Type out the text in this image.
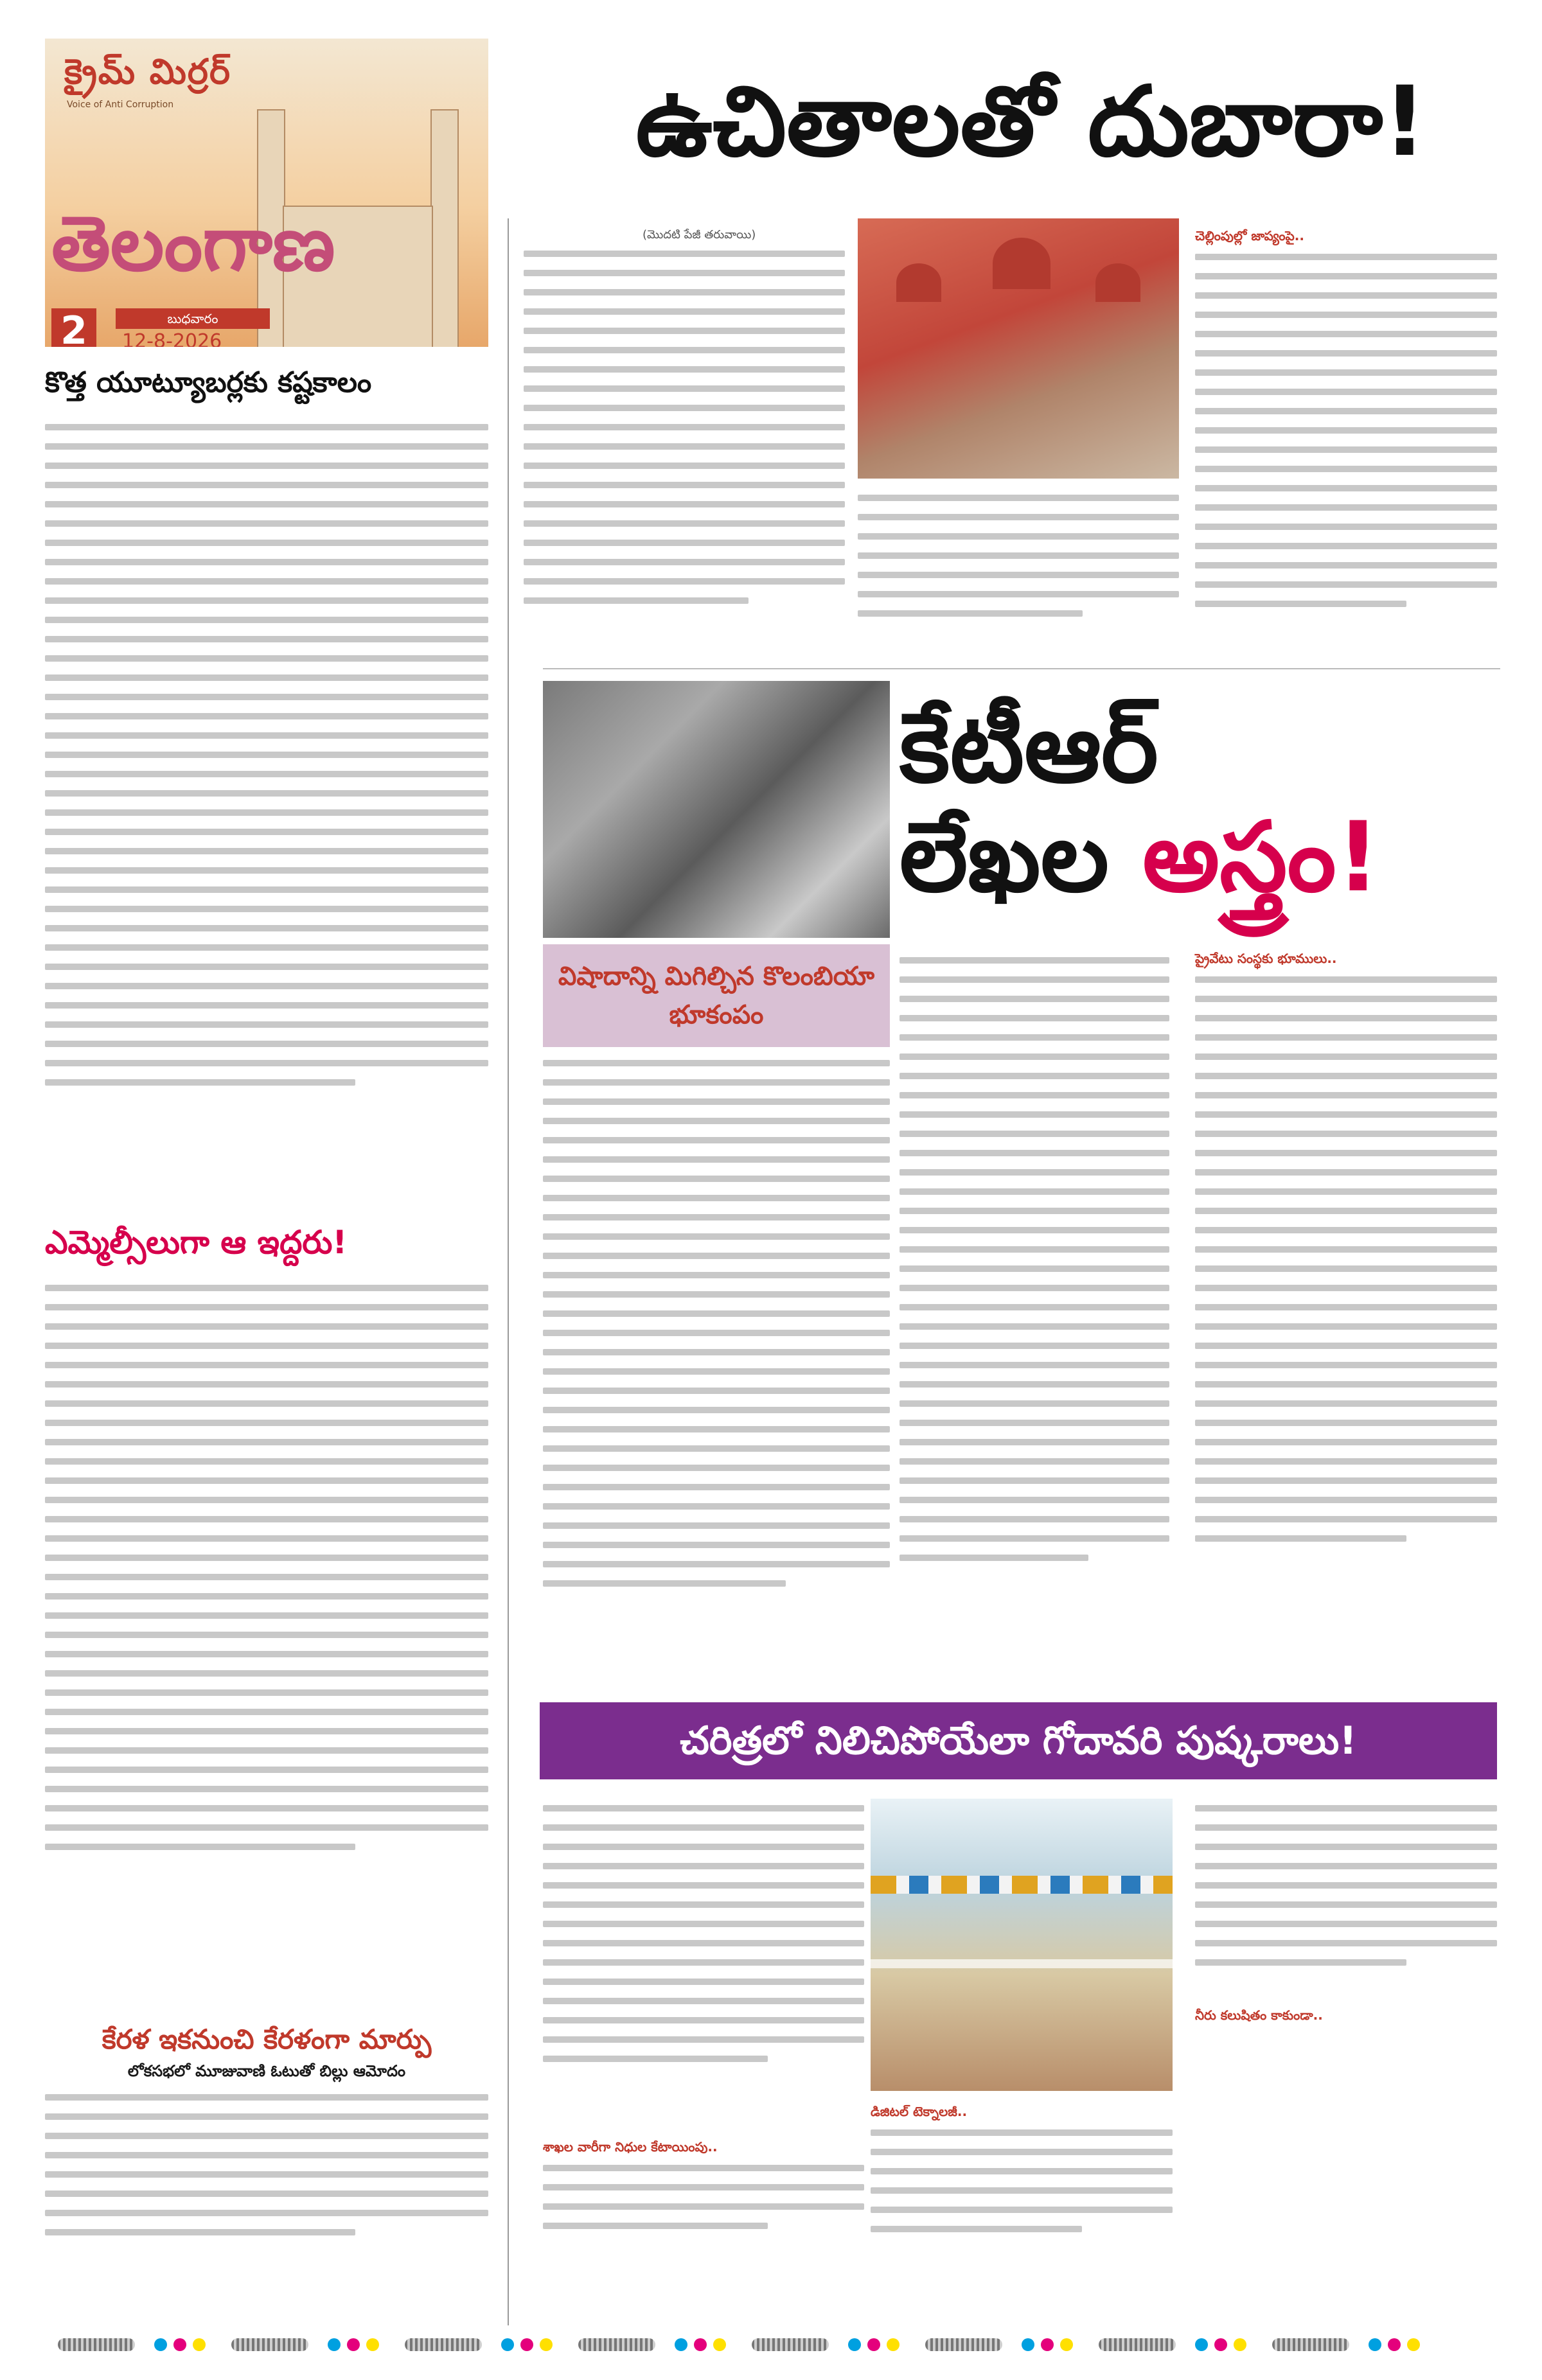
క్రైమ్ మిర్రర్
Voice of Anti Corruption
తెలంగాణ
2	బుధవారం
12-8-2026
ఉచితాలతో దుబారా!
కొత్త యూట్యూబర్లకు కష్టకాలం
ఎమ్మెల్సీలుగా ఆ ఇద్దరు!
కేరళ ఇకనుంచి కేరళంగా మార్పు
లోకసభలో మూజువాణి ఓటుతో బిల్లు ఆమోదం
(మొదటి పేజీ తరువాయి)	చెల్లింపుల్లో జాప్యంపై..
విషాదాన్ని మిగిల్చిన కొలంబియా భూకంపం
కేటీఆర్
లేఖల అస్త్రం!
ప్రైవేటు సంస్థకు భూములు..
చరిత్రలో నిలిచిపోయేలా గోదావరి పుష్కరాలు!
శాఖల వారీగా నిధుల కేటాయింపు..
డిజిటల్ టెక్నాలజీ..
నీరు కలుషితం కాకుండా..
